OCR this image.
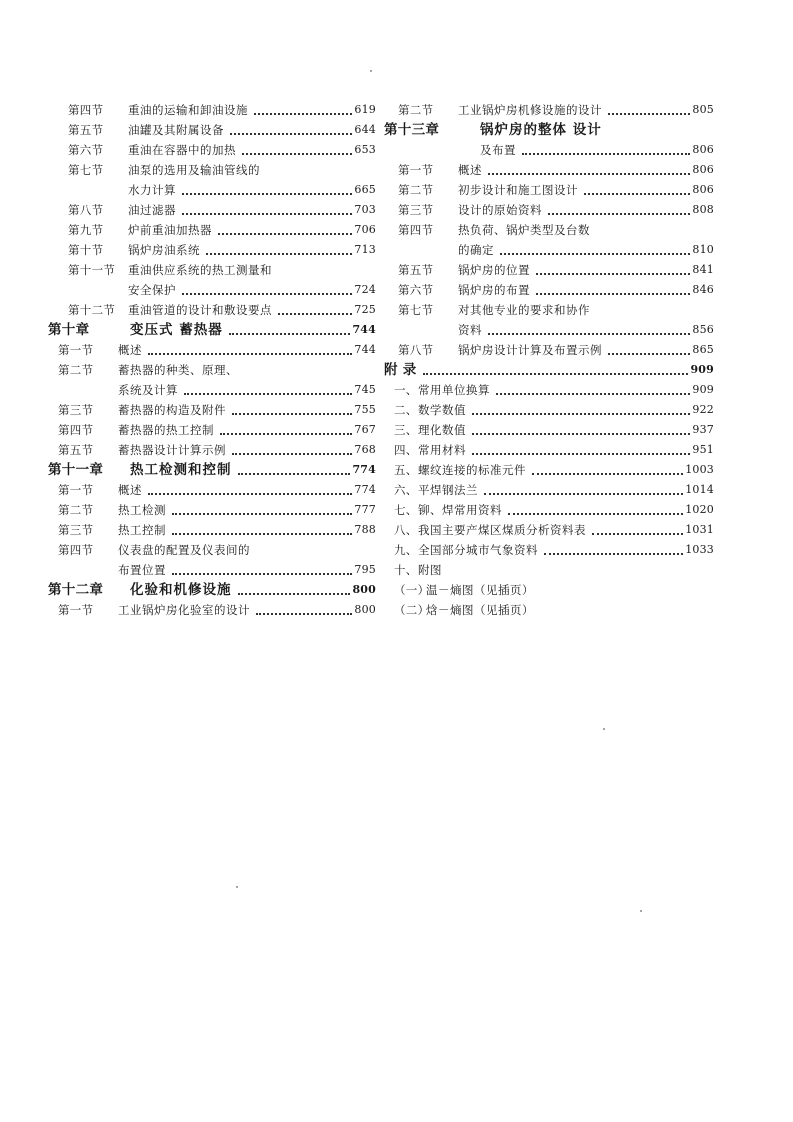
第四节 重油的运输和卸油设施	619
第五节 油罐及其附属设备	644
第六节 重油在容器中的加热	653
第七节 油泵的选用及输油管线的
水力计算	665
第八节 油过滤器	703
第九节 炉前重油加热器	706
第十节 锅炉房油系统	713
第十一节 重油供应系统的热工测量和
安全保护	724
第十二节 重油管道的设计和敷设要点	725
第十章	变压式 蓄热器	744
第一节 概述	744
第二节 蓄热器的种类、原理、
系统及计算	745
第三节 蓄热器的构造及附件	755
第四节 蓄热器的热工控制	767
第五节 蓄热器设计计算示例	768
第十一章 热工检测和控制	774
第一节 概述	774
第二节 热工检测	777
第三节 热工控制	788
第四节 仪表盘的配置及仪表间的
布置位置	795
第十二章 化验和机修设施	800
第一节 工业锅炉房化验室的设计	800
第二节 工业锅炉房机修设施的设计	805
第十三章	锅炉房的整体 设计
及布置	806
第一节 概述	806
第二节 初步设计和施工图设计	806
第三节 设计的原始资料	808
第四节 热负荷、锅炉类型及台数
的确定	810
第五节 锅炉房的位置	841
第六节 锅炉房的布置	846
第七节 对其他专业的要求和协作
资料	856
第八节 锅炉房设计计算及布置示例	865
附 录	909
一、 常用单位换算	909
二、 数学数值	922
三、 理化数值	937
四、 常用材料	951
五、 螺纹连接的标准元件	1003
六、 平焊钢法兰	1014
七、 铆、焊常用资料	1020
八、 我国主要产煤区煤质分析资料表	1031
九、 全国部分城市气象资料	1033
十、 附图
（一）
温－熵图（见插页）
（二）
焓－熵图（见插页）
